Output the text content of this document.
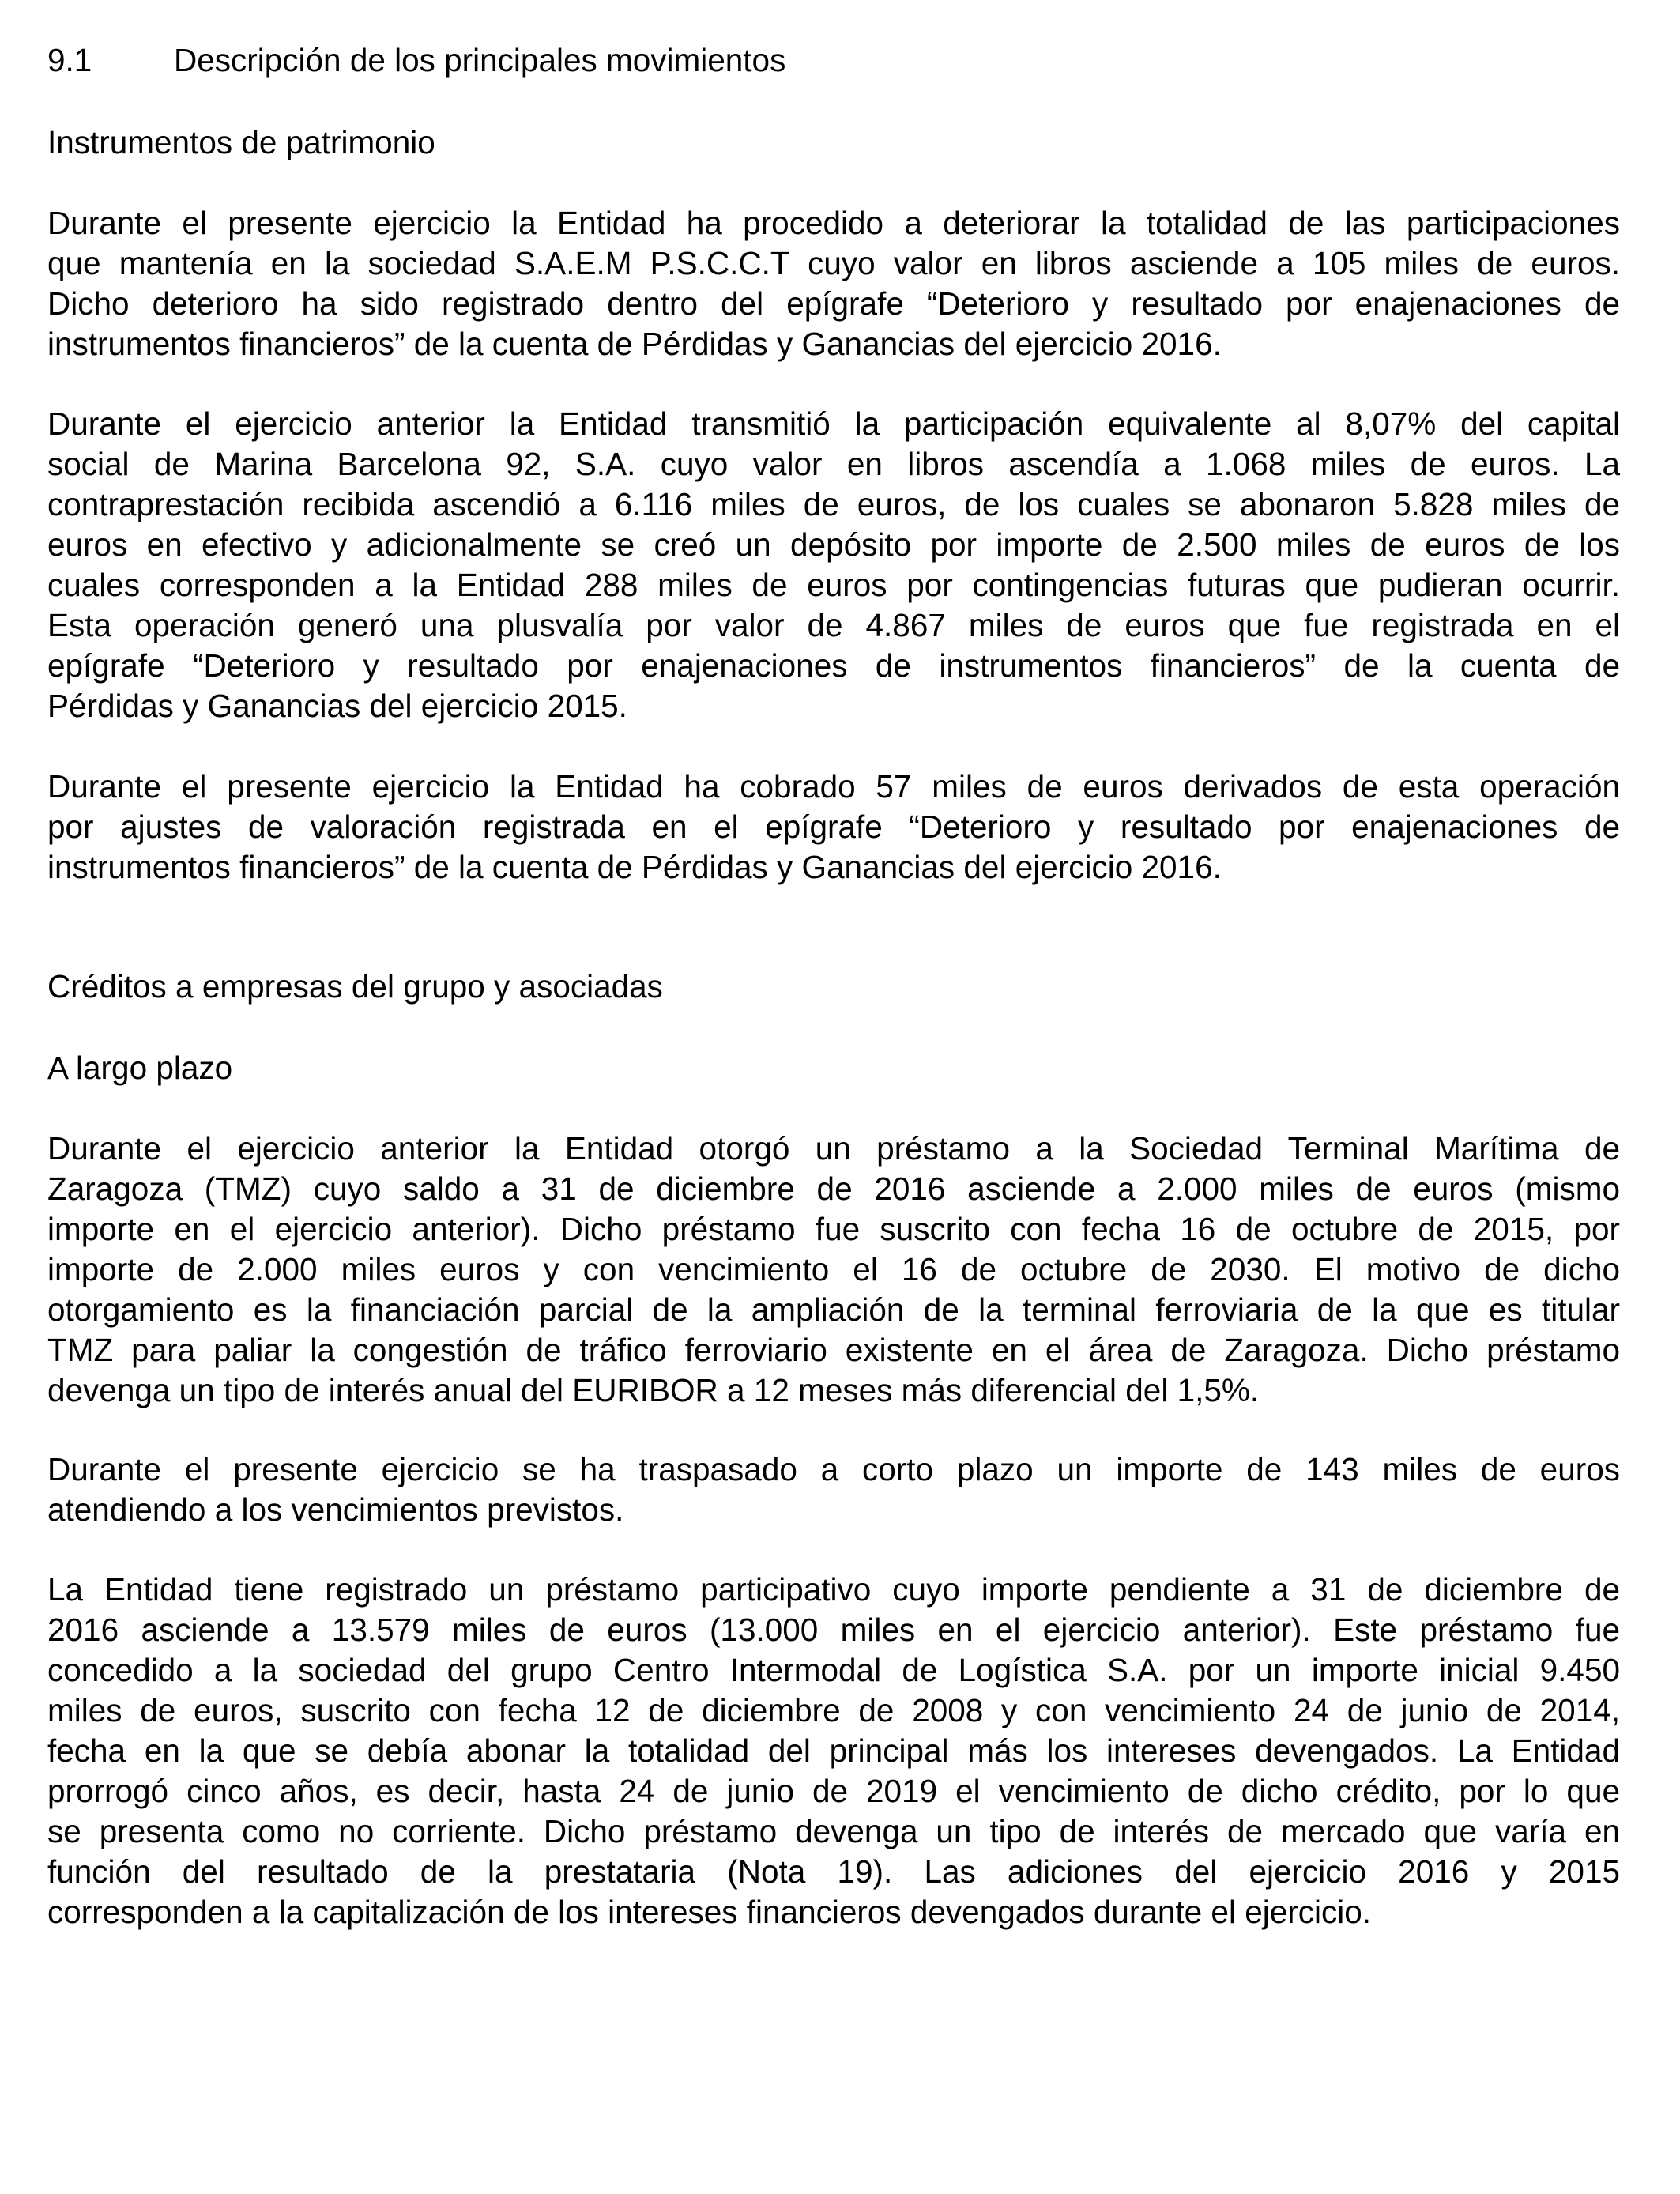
9.1	Descripción de los principales movimientos
Instrumentos de patrimonio
Durante el presente ejercicio la Entidad ha procedido a deteriorar la totalidad de las participaciones
que mantenía en la sociedad S.A.E.M P.S.C.C.T cuyo valor en libros asciende a 105 miles de euros.
Dicho deterioro ha sido registrado dentro del epígrafe “Deterioro y resultado por enajenaciones de
instrumentos financieros” de la cuenta de Pérdidas y Ganancias del ejercicio 2016.
Durante el ejercicio anterior la Entidad transmitió la participación equivalente al 8,07% del capital
social de Marina Barcelona 92, S.A. cuyo valor en libros ascendía a 1.068 miles de euros. La
contraprestación recibida ascendió a 6.116 miles de euros, de los cuales se abonaron 5.828 miles de
euros en efectivo y adicionalmente se creó un depósito por importe de 2.500 miles de euros de los
cuales corresponden a la Entidad 288 miles de euros por contingencias futuras que pudieran ocurrir.
Esta operación generó una plusvalía por valor de 4.867 miles de euros que fue registrada en el
epígrafe “Deterioro y resultado por enajenaciones de instrumentos financieros” de la cuenta de
Pérdidas y Ganancias del ejercicio 2015.
Durante el presente ejercicio la Entidad ha cobrado 57 miles de euros derivados de esta operación
por ajustes de valoración registrada en el epígrafe “Deterioro y resultado por enajenaciones de
instrumentos financieros” de la cuenta de Pérdidas y Ganancias del ejercicio 2016.
Créditos a empresas del grupo y asociadas
A largo plazo
Durante el ejercicio anterior la Entidad otorgó un préstamo a la Sociedad Terminal Marítima de
Zaragoza (TMZ) cuyo saldo a 31 de diciembre de 2016 asciende a 2.000 miles de euros (mismo
importe en el ejercicio anterior). Dicho préstamo fue suscrito con fecha 16 de octubre de 2015, por
importe de 2.000 miles euros y con vencimiento el 16 de octubre de 2030. El motivo de dicho
otorgamiento es la financiación parcial de la ampliación de la terminal ferroviaria de la que es titular
TMZ para paliar la congestión de tráfico ferroviario existente en el área de Zaragoza. Dicho préstamo
devenga un tipo de interés anual del EURIBOR a 12 meses más diferencial del 1,5%.
Durante el presente ejercicio se ha traspasado a corto plazo un importe de 143 miles de euros
atendiendo a los vencimientos previstos.
La Entidad tiene registrado un préstamo participativo cuyo importe pendiente a 31 de diciembre de
2016 asciende a 13.579 miles de euros (13.000 miles en el ejercicio anterior). Este préstamo fue
concedido a la sociedad del grupo Centro Intermodal de Logística S.A. por un importe inicial 9.450
miles de euros, suscrito con fecha 12 de diciembre de 2008 y con vencimiento 24 de junio de 2014,
fecha en la que se debía abonar la totalidad del principal más los intereses devengados. La Entidad
prorrogó cinco años, es decir, hasta 24 de junio de 2019 el vencimiento de dicho crédito, por lo que
se presenta como no corriente. Dicho préstamo devenga un tipo de interés de mercado que varía en
función del resultado de la prestataria (Nota 19). Las adiciones del ejercicio 2016 y 2015
corresponden a la capitalización de los intereses financieros devengados durante el ejercicio.
